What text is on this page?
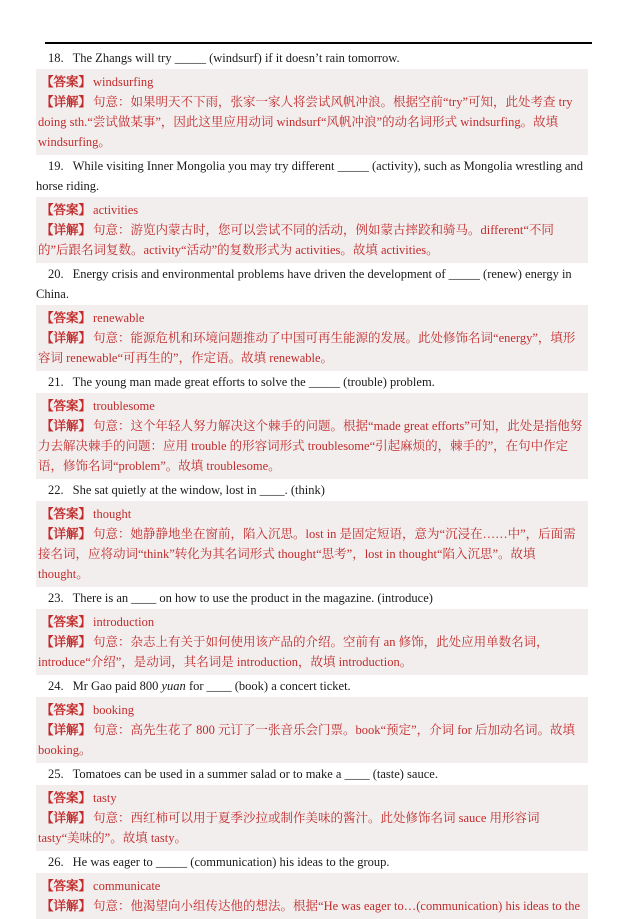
18. The Zhangs will try _____ (windsurf) if it doesn’t rain tomorrow.

【答案】 windsurfing

【详解】 句意：如果明天不下雨，张家一家人将尝试风帆冲浪。根据空前“try”可知，此处考查 try doing sth.“尝试做某事”，因此这里应用动词 windsurf“风帆冲浪”的动名词形式 windsurfing。故填 windsurfing。

19. While visiting Inner Mongolia you may try different _____ (activity), such as Mongolia wrestling and horse riding.

【答案】 activities

【详解】 句意：游览内蒙古时，您可以尝试不同的活动，例如蒙古摔跤和骑马。different“不同的”后跟名词复数。activity“活动”的复数形式为 activities。故填 activities。

20. Energy crisis and environmental problems have driven the development of _____ (renew) energy in China.

【答案】 renewable

【详解】 句意：能源危机和环境问题推动了中国可再生能源的发展。此处修饰名词“energy”，填形容词 renewable“可再生的”，作定语。故填 renewable。

21. The young man made great efforts to solve the _____ (trouble) problem.

【答案】 troublesome

【详解】 句意：这个年轻人努力解决这个棘手的问题。根据“made great efforts”可知，此处是指他努力去解决棘手的问题：应用 trouble 的形容词形式 troublesome“引起麻烦的，棘手的”，在句中作定语，修饰名词“problem”。故填 troublesome。

22. She sat quietly at the window, lost in ____. (think)

【答案】 thought

【详解】 句意：她静静地坐在窗前，陷入沉思。lost in 是固定短语，意为“沉浸在……中”，后面需接名词，应将动词“think”转化为其名词形式 thought“思考”，lost in thought“陷入沉思”。故填 thought。

23. There is an ____ on how to use the product in the magazine. (introduce)

【答案】 introduction

【详解】 句意：杂志上有关于如何使用该产品的介绍。空前有 an 修饰，此处应用单数名词，introduce“介绍”，是动词，其名词是 introduction，故填 introduction。

24. Mr Gao paid 800 yuan for ____ (book) a concert ticket.

【答案】 booking

【详解】 句意：高先生花了 800 元订了一张音乐会门票。book“预定”，介词 for 后加动名词。故填 booking。

25. Tomatoes can be used in a summer salad or to make a ____ (taste) sauce.

【答案】 tasty

【详解】 句意：西红柿可以用于夏季沙拉或制作美味的酱汁。此处修饰名词 sauce 用形容词 tasty“美味的”。故填 tasty。

26. He was eager to _____ (communication) his ideas to the group.

【答案】 communicate

【详解】 句意：他渴望向小组传达他的想法。根据“He was eager to…(communication) his ideas to the
